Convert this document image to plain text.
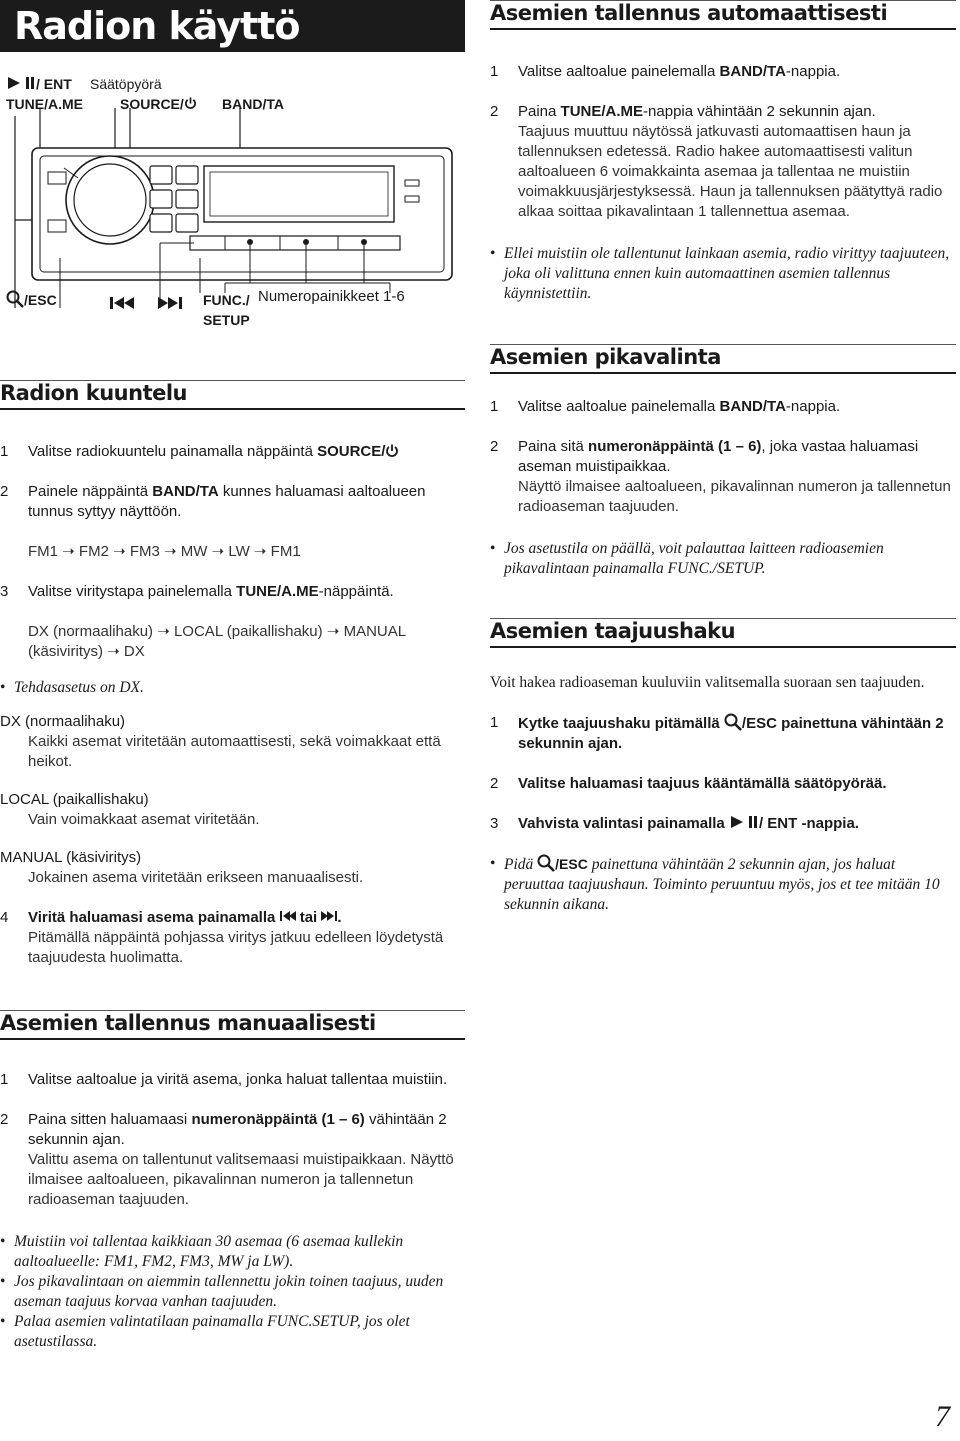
Radion käyttö
/ ENT
TUNE/A.ME
Säätöpyörä
SOURCE/	BAND/TA
/ESC	FUNC./
SETUP
Numeropainikkeet 1-6
Radion kuuntelu
1 Valitse radiokuuntelu painamalla näppäintä SOURCE/
2 Painele näppäintä BAND/TA kunnes haluamasi aaltoalueen tunnus syttyy näyttöön.
FM1 ➝ FM2 ➝ FM3 ➝ MW ➝ LW ➝ FM1
3 Valitse viritystapa painelemalla TUNE/A.ME-näppäintä.
DX (normaalihaku) ➝ LOCAL (paikallishaku) ➝ MANUAL
(käsiviritys) ➝ DX
• Tehdasasetus on DX.
DX (normaalihaku)
Kaikki asemat viritetään automaattisesti, sekä voimakkaat että heikot.
LOCAL (paikallishaku)
Vain voimakkaat asemat viritetään.
MANUAL (käsiviritys)
Jokainen asema viritetään erikseen manuaalisesti.
4 Viritä haluamasi asema painamalla  tai .
Pitämällä näppäintä pohjassa viritys jatkuu edelleen löydetystä taajuudesta huolimatta.
Asemien tallennus manuaalisesti
1 Valitse aaltoalue ja viritä asema, jonka haluat tallentaa muistiin.
2 Paina sitten haluamaasi numeronäppäintä (1 – 6) vähintään 2 sekunnin ajan.
Valittu asema on tallentunut valitsemaasi muistipaikkaan. Näyttö ilmaisee aaltoalueen, pikavalinnan numeron ja tallennetun radioaseman taajuuden.
• Muistiin voi tallentaa kaikkiaan 30 asemaa (6 asemaa kullekin aaltoalueelle: FM1, FM2, FM3, MW ja LW).
• Jos pikavalintaan on aiemmin tallennettu jokin toinen taajuus, uuden aseman taajuus korvaa vanhan taajuuden.
• Palaa asemien valintatilaan painamalla FUNC.SETUP, jos olet asetustilassa.
Asemien tallennus automaattisesti
1 Valitse aaltoalue painelemalla BAND/TA-nappia.
2 Paina TUNE/A.ME-nappia vähintään 2 sekunnin ajan.
Taajuus muuttuu näytössä jatkuvasti automaattisen haun ja tallennuksen edetessä. Radio hakee automaattisesti valitun aaltoalueen 6 voimakkainta asemaa ja tallentaa ne muistiin voimakkuusjärjestyksessä. Haun ja tallennuksen päätyttyä radio alkaa soittaa pikavalintaan 1 tallennettua asemaa.
• Ellei muistiin ole tallentunut lainkaan asemia, radio virittyy taajuuteen, joka oli valittuna ennen kuin automaattinen asemien tallennus käynnistettiin.
Asemien pikavalinta
1 Valitse aaltoalue painelemalla BAND/TA-nappia.
2 Paina sitä numeronäppäintä (1 – 6), joka vastaa haluamasi aseman muistipaikkaa.
Näyttö ilmaisee aaltoalueen, pikavalinnan numeron ja tallennetun radioaseman taajuuden.
• Jos asetustila on päällä, voit palauttaa laitteen radioasemien pikavalintaan painamalla FUNC./SETUP.
Asemien taajuushaku
Voit hakea radioaseman kuuluviin valitsemalla suoraan sen taajuuden.
1 Kytke taajuushaku pitämällä /ESC painettuna vähintään 2 sekunnin ajan.
2 Valitse haluamasi taajuus kääntämällä säätöpyörää.
3 Vahvista valintasi painamalla / ENT -nappia.
• Pidä /ESC painettuna vähintään 2 sekunnin ajan, jos haluat peruuttaa taajuushaun. Toiminto peruuntuu myös, jos et tee mitään 10 sekunnin aikana.
7
